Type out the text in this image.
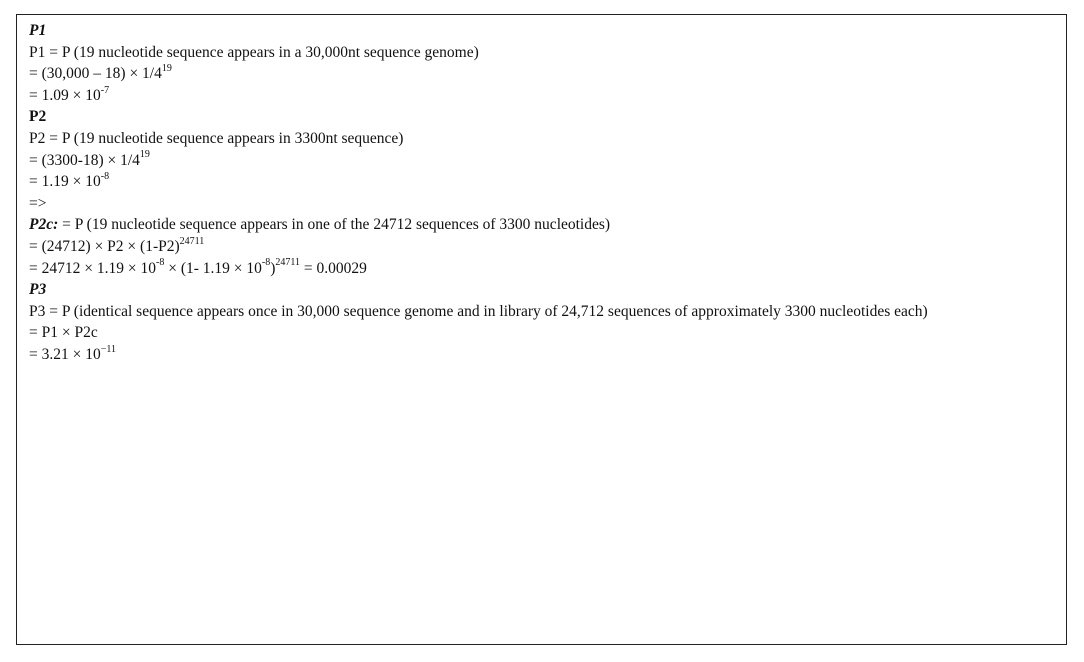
P1
P1 = P (19 nucleotide sequence appears in a 30,000nt sequence genome)
= $(30,000 - 18) \times 1/4^{19}$
= $1.09 \times 10^{-7}$
P2
P2 = P (19 nucleotide sequence appears in 3300nt sequence)
= $(3300-18) \times 1/4^{19}$
= $1.19 \times 10^{-8}$
=>
P2c: = P (19 nucleotide sequence appears in one of the 24712 sequences of 3300 nucleotides)
= $(24712) \times P2 \times (1-P2)^{24711}$
= $24712 \times 1.19 \times 10^{-8} \times (1-$ $1.19 \times 10^{-8})^{24711} = 0.00029$
P3
P3 = P (identical sequence appears once in 30,000 sequence genome and in library of 24,712 sequences of approximately 3300 nucleotides each)
= P1 × P2c
= $3.21 \times 10^{-11}$
